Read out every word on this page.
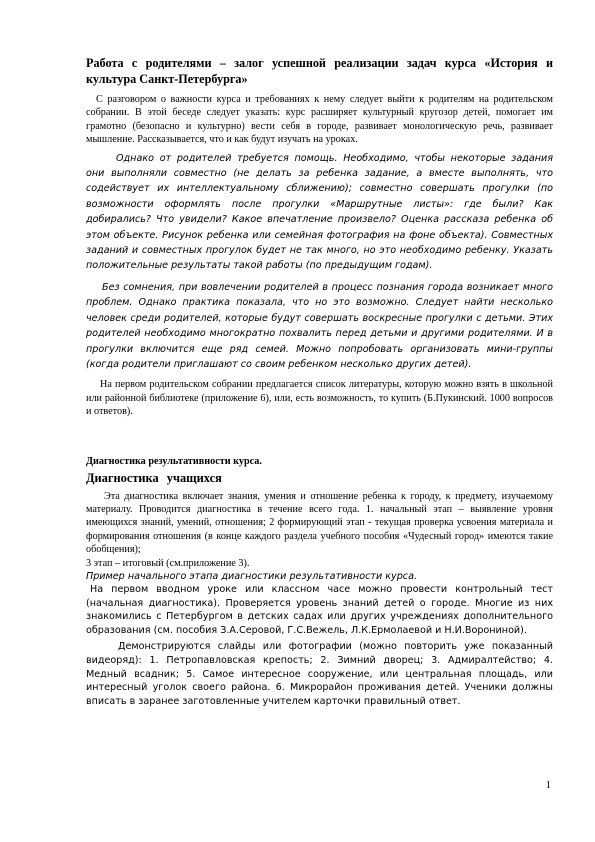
Работа с родителями – залог успешной реализации задач курса «История и культура Санкт-Петербурга»

С разговором о важности курса и требованиях к нему следует выйти к родителям на родительском собрании. В этой беседе следует указать: курс расширяет культурный кругозор детей, помогает им грамотно (безопасно и культурно) вести себя в городе, развивает монологическую речь, развивает мышление. Рассказывается, что и как будут изучать на уроках.

Однако от родителей требуется помощь. Необходимо, чтобы некоторые задания они выполняли совместно (не делать за ребенка задание, а вместе выполнять, что содействует их интеллектуальному сближению); совместно совершать прогулки (по возможности оформлять после прогулки «Маршрутные листы»: где были? Как добирались? Что увидели? Какое впечатление произвело? Оценка рассказа ребенка об этом объекте. Рисунок ребенка или семейная фотография на фоне объекта). Совместных заданий и совместных прогулок будет не так много, но это необходимо ребенку. Указать положительные результаты такой работы (по предыдущим годам).

Без сомнения, при вовлечении родителей в процесс познания города возникает много проблем. Однако практика показала, что но это возможно. Следует найти несколько человек среди родителей, которые будут совершать воскресные прогулки с детьми. Этих родителей необходимо многократно похвалить перед детьми и другими родителями. И в прогулки включится еще ряд семей. Можно попробовать организовать мини-группы (когда родители приглашают со своим ребенком несколько других детей).

На первом родительском собрании предлагается список литературы, которую можно взять в школьной или районной библиотеке (приложение 6), или, есть возможность, то купить (Б.Пукинский. 1000 вопросов и ответов).

Диагностика результативности курса.

Диагностика учащихся

Эта диагностика включает знания, умения и отношение ребенка к городу, к предмету, изучаемому материалу. Проводится диагностика в течение всего года. 1. начальный этап – выявление уровня имеющихся знаний, умений, отношения; 2 формирующий этап - текущая проверка усвоения материала и формирования отношения (в конце каждого раздела учебного пособия «Чудесный город» имеются такие обобщения);

3 этап – итоговый (см.приложение 3).

Пример начального этапа диагностики результативности курса.

На первом вводном уроке или классном часе можно провести контрольный тест (начальная диагностика). Проверяется уровень знаний детей о городе. Многие из них знакомились с Петербургом в детских садах или других учреждениях дополнительного образования (см. пособия З.А.Серовой, Г.С.Вежель, Л.К.Ермолаевой и Н.И.Ворониной).

Демонстрируются слайды или фотографии (можно повторить уже показанный видеоряд): 1. Петропавловская крепость; 2. Зимний дворец; 3. Адмиралтейство; 4. Медный всадник; 5. Самое интересное сооружение, или центральная площадь, или интересный уголок своего района. 6. Микрорайон проживания детей. Ученики должны вписать в заранее заготовленные учителем карточки правильный ответ.

1
